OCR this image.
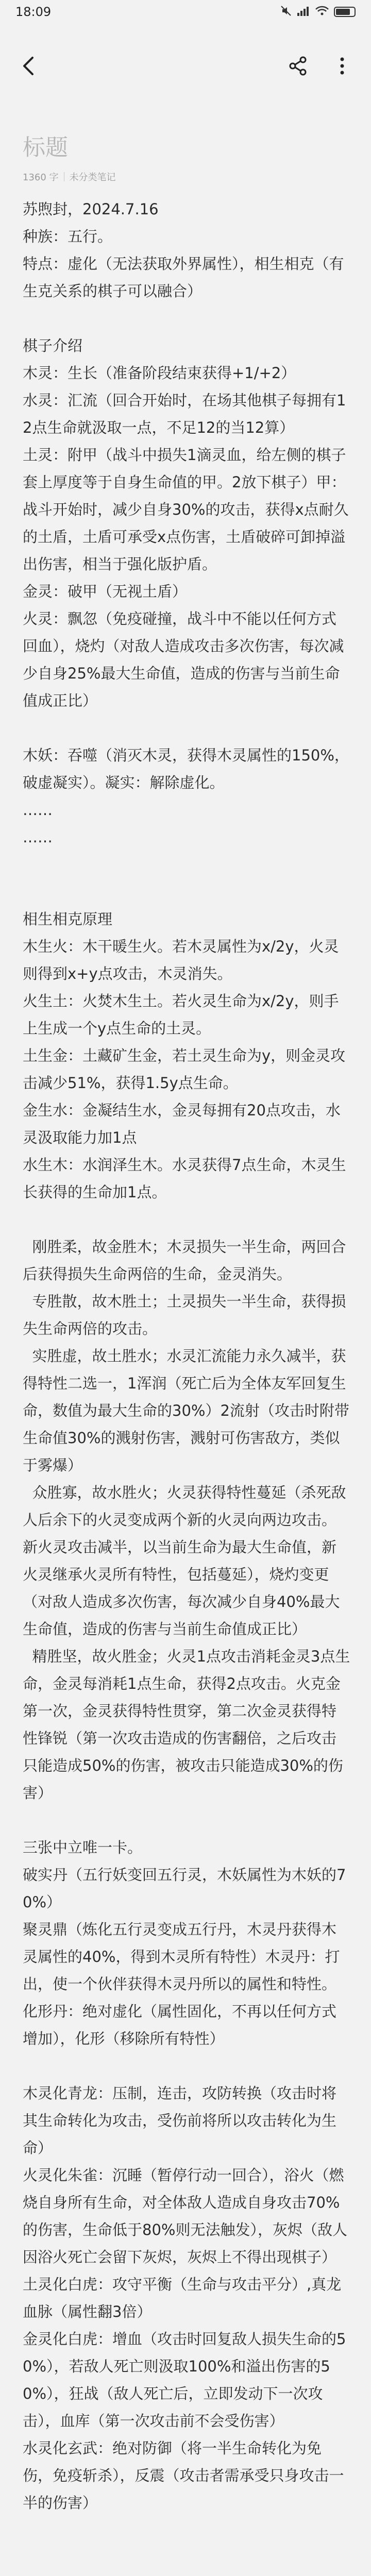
18:09
标题
1360 字 未分类笔记
苏煦封，2024.7.16
种族：五行。
特点：虚化（无法获取外界属性），相生相克（有生克关系的棋子可以融合）
棋子介绍
木灵：生长（准备阶段结束获得+1/+2）
水灵：汇流（回合开始时，在场其他棋子每拥有12点生命就汲取一点，不足12的当12算）
土灵：附甲（战斗中损失1滴灵血，给左侧的棋子套上厚度等于自身生命值的甲。2放下棋子）甲：战斗开始时，减少自身30%的攻击，获得x点耐久的土盾，土盾可承受x点伤害，土盾破碎可卸掉溢出伤害，相当于强化版护盾。
金灵：破甲（无视土盾）
火灵：飘忽（免疫碰撞，战斗中不能以任何方式回血），烧灼（对敌人造成攻击多次伤害，每次减少自身25%最大生命值，造成的伤害与当前生命值成正比）
木妖：吞噬（消灭木灵，获得木灵属性的150%，破虚凝实）。凝实：解除虚化。
……
……
相生相克原理
木生火：木干暖生火。若木灵属性为x/2y，火灵则得到x+y点攻击，木灵消失。
火生土：火焚木生土。若火灵生命为x/2y，则手上生成一个y点生命的土灵。
土生金：土藏矿生金，若土灵生命为y，则金灵攻击减少51%，获得1.5y点生命。
金生水：金凝结生水，金灵每拥有20点攻击，水灵汲取能力加1点
水生木：水润泽生木。水灵获得7点生命，木灵生长获得的生命加1点。
刚胜柔，故金胜木；木灵损失一半生命，两回合后获得损失生命两倍的生命，金灵消失。
专胜散，故木胜土；土灵损失一半生命，获得损失生命两倍的攻击。
实胜虚，故土胜水；水灵汇流能力永久减半，获得特性二选一，1浑润（死亡后为全体友军回复生命，数值为最大生命的30%）2流射（攻击时附带生命值30%的溅射伤害，溅射可伤害敌方，类似于雾爆）
众胜寡，故水胜火；火灵获得特性蔓延（杀死敌人后余下的火灵变成两个新的火灵向两边攻击。新火灵攻击减半，以当前生命为最大生命值，新火灵继承火灵所有特性，包括蔓延），烧灼变更（对敌人造成多次伤害，每次减少自身40%最大生命值，造成的伤害与当前生命值成正比）
精胜坚，故火胜金；火灵1点攻击消耗金灵3点生命，金灵每消耗1点生命，获得2点攻击。火克金第一次，金灵获得特性贯穿，第二次金灵获得特性锋锐（第一次攻击造成的伤害翻倍，之后攻击只能造成50%的伤害，被攻击只能造成30%的伤害）
三张中立唯一卡。
破实丹（五行妖变回五行灵，木妖属性为木妖的70%）
聚灵鼎（炼化五行灵变成五行丹，木灵丹获得木灵属性的40%，得到木灵所有特性）木灵丹：打出，使一个伙伴获得木灵丹所以的属性和特性。
化形丹：绝对虚化（属性固化，不再以任何方式增加），化形（移除所有特性）
木灵化青龙：压制，连击，攻防转换（攻击时将其生命转化为攻击，受伤前将所以攻击转化为生命）
火灵化朱雀：沉睡（暂停行动一回合），浴火（燃烧自身所有生命，对全体敌人造成自身攻击70%的伤害，生命低于80%则无法触发），灰烬（敌人因浴火死亡会留下灰烬，灰烬上不得出现棋子）
土灵化白虎：攻守平衡（生命与攻击平分）,真龙血脉（属性翻3倍）
金灵化白虎：增血（攻击时回复敌人损失生命的50%），若敌人死亡则汲取100%和溢出伤害的50%），狂战（敌人死亡后，立即发动下一次攻击），血库（第一次攻击前不会受伤害）
水灵化玄武：绝对防御（将一半生命转化为免伤，免疫斩杀），反震（攻击者需承受只身攻击一半的伤害）
